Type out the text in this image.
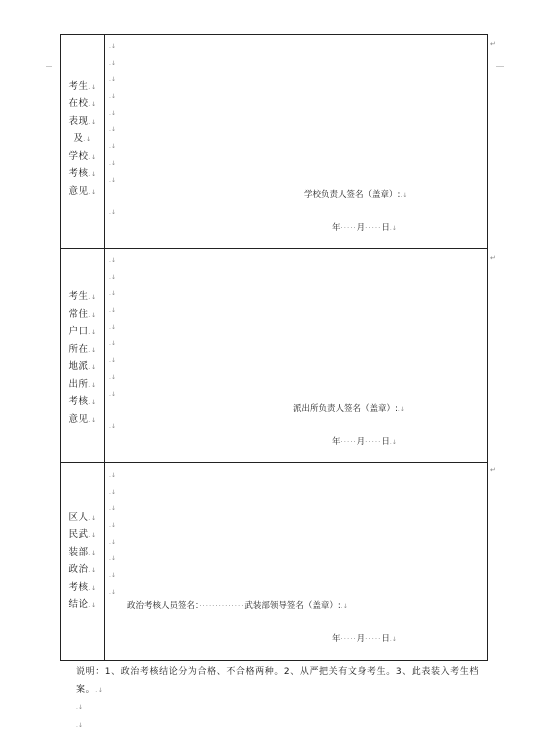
考生.↓
在校.↓
表现.↓
及.↓
学校.↓
考核.↓
意见.↓
.↓
.↓
.↓
.↓
.↓
.↓
.↓
.↓
.↓
.↓
学校负责人签名（盖章）:.↓
年·····月·····日.↓
考生.↓
常住.↓
户口.↓
所在.↓
地派.↓
出所.↓
考核.↓
意见.↓
.↓
.↓
.↓
.↓
.↓
.↓
.↓
.↓
.↓
.↓
派出所负责人签名（盖章）:.↓
年·····月·····日.↓
区人.↓
民武.↓
装部.↓
政治.↓
考核.↓
结论.↓
.↓
.↓
.↓
.↓
.↓
.↓
.↓
.↓
政治考核人员签名：··············武装部领导签名（盖章）:.↓
年·····月·····日.↓
↵
↵
↵
说明：1、政治考核结论分为合格、不合格两种。2、从严把关有文身考生。3、此表装入考生档案。.↓
.↓
.↓
